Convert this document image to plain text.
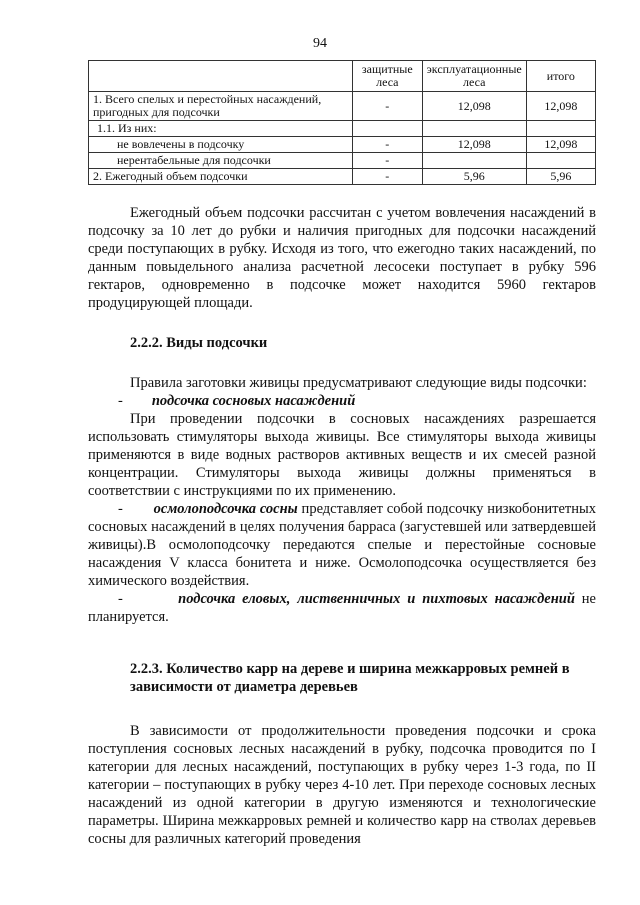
94
	защитные леса	эксплуатационные леса	итого
1. Всего спелых и перестойных насаждений, пригодных для подсочки	-	12,098	12,098
1.1. Из них:			
не вовлечены в подсочку	-	12,098	12,098
нерентабельные для подсочки	-		
2. Ежегодный объем подсочки	-	5,96	5,96

Ежегодный объем подсочки рассчитан с учетом вовлечения насаждений в подсочку за 10 лет до рубки и наличия пригодных для подсочки насаждений среди поступающих в рубку. Исходя из того, что ежегодно таких насаждений, по данным повыдельного анализа расчетной лесосеки поступает в рубку 596 гектаров, одновременно в подсочке может находится 5960 гектаров продуцирующей площади.

2.2.2. Виды подсочки

Правила заготовки живицы предусматривают следующие виды подсочки:

- подсочка сосновых насаждений

При проведении подсочки в сосновых насаждениях разрешается использовать стимуляторы выхода живицы. Все стимуляторы выхода живицы применяются в виде водных растворов активных веществ и их смесей разной концентрации. Стимуляторы выхода живицы должны применяться в соответствии с инструкциями по их применению.

- осмолоподсочка сосны представляет собой подсочку низкобонитетных сосновых насаждений в целях получения барраса (загустевшей или затвердевшей живицы).В осмолоподсочку передаются спелые и перестойные сосновые насаждения V класса бонитета и ниже. Осмолоподсочка осуществляется без химического воздействия.

-	подсочка еловых, лиственничных и пихтовых насаждений не планируется.

2.2.3. Количество карр на дереве и ширина межкарровых ремней в зависимости от диаметра деревьев

В зависимости от продолжительности проведения подсочки и срока поступления сосновых лесных насаждений в рубку, подсочка проводится по I категории для лесных насаждений, поступающих в рубку через 1-3 года, по II категории – поступающих в рубку через 4-10 лет. При переходе сосновых лесных насаждений из одной категории в другую изменяются и технологические параметры. Ширина межкарровых ремней и количество карр на стволах деревьев сосны для различных категорий проведения
